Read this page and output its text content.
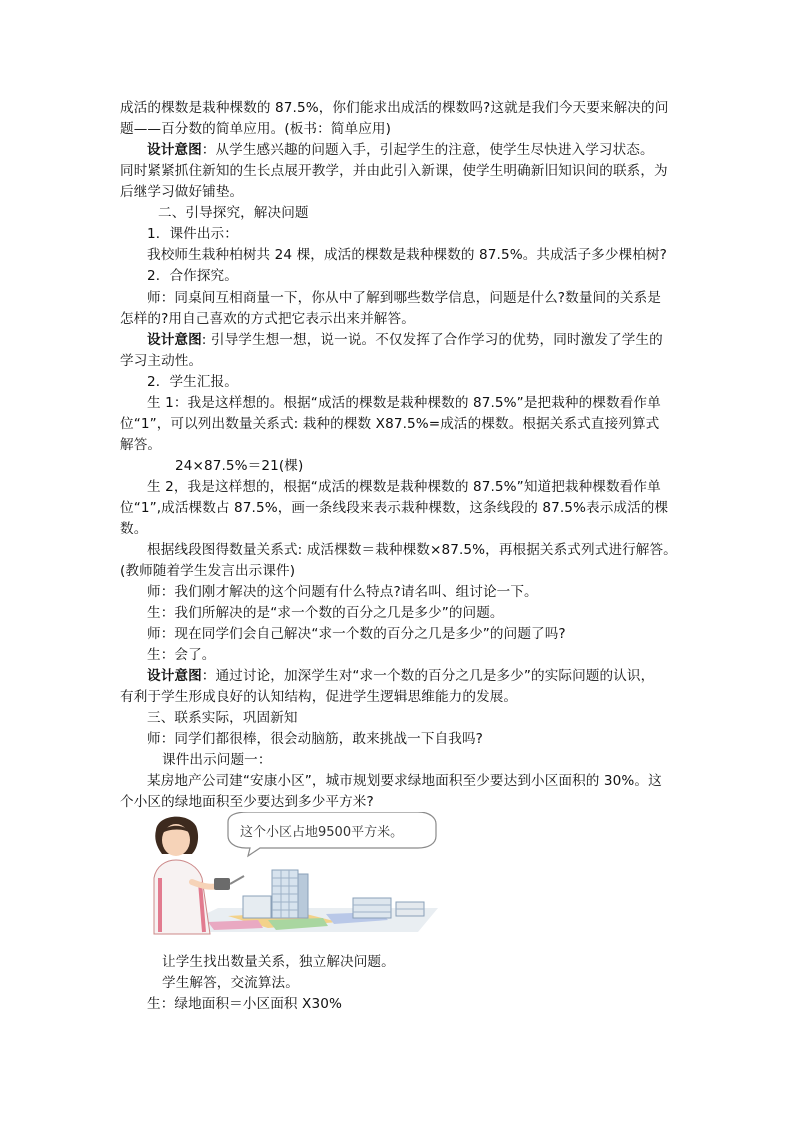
成活的棵数是栽种棵数的 87.5%，你们能求出成活的棵数吗?这就是我们今天要来解决的问
题——百分数的简单应用。(板书：简单应用)
设计意图：从学生感兴趣的问题入手，引起学生的注意，使学生尽快进入学习状态。
同时紧紧抓住新知的生长点展开教学，并由此引入新课，使学生明确新旧知识间的联系，为
后继学习做好铺垫。
二、引导探究，解决问题
1．课件出示：
我校师生栽种柏树共 24 棵，成活的棵数是栽种棵数的 87.5%。共成活子多少棵柏树?
2．合作探究。
师：同桌间互相商量一下，你从中了解到哪些数学信息，问题是什么?数量间的关系是
怎样的?用自己喜欢的方式把它表示出来并解答。
设计意图: 引导学生想一想，说一说。不仅发挥了合作学习的优势，同时激发了学生的
学习主动性。
2．学生汇报。
生 1：我是这样想的。根据“成活的棵数是栽种棵数的 87.5%”是把栽种的棵数看作单
位“1”，可以列出数量关系式: 栽种的棵数 X87.5%=成活的棵数。根据关系式直接列算式
解答。
24×87.5%＝21(棵)
生 2，我是这样想的，根据“成活的棵数是栽种棵数的 87.5%”知道把栽种棵数看作单
位“1”,成活棵数占 87.5%，画一条线段来表示栽种棵数，这条线段的 87.5%表示成活的棵
数。
根据线段图得数量关系式: 成活棵数＝栽种棵数×87.5%，再根据关系式列式进行解答。
(教师随着学生发言出示课件)
师：我们刚才解决的这个问题有什么特点?请名叫、组讨论一下。
生：我们所解决的是“求一个数的百分之几是多少”的问题。
师：现在同学们会自己解决“求一个数的百分之几是多少”的问题了吗?
生：会了。
设计意图：通过讨论，加深学生对“求一个数的百分之几是多少”的实际问题的认识，
有利于学生形成良好的认知结构，促进学生逻辑思维能力的发展。
三、联系实际，巩固新知
师：同学们都很棒，很会动脑筋，敢来挑战一下自我吗?
课件出示问题一：
某房地产公司建“安康小区”，城市规划要求绿地面积至少要达到小区面积的 30%。这
个小区的绿地面积至少要达到多少平方米?
这个小区占地9500平方米。
让学生找出数量关系，独立解决问题。
学生解答，交流算法。
生：绿地面积＝小区面积 X30%
